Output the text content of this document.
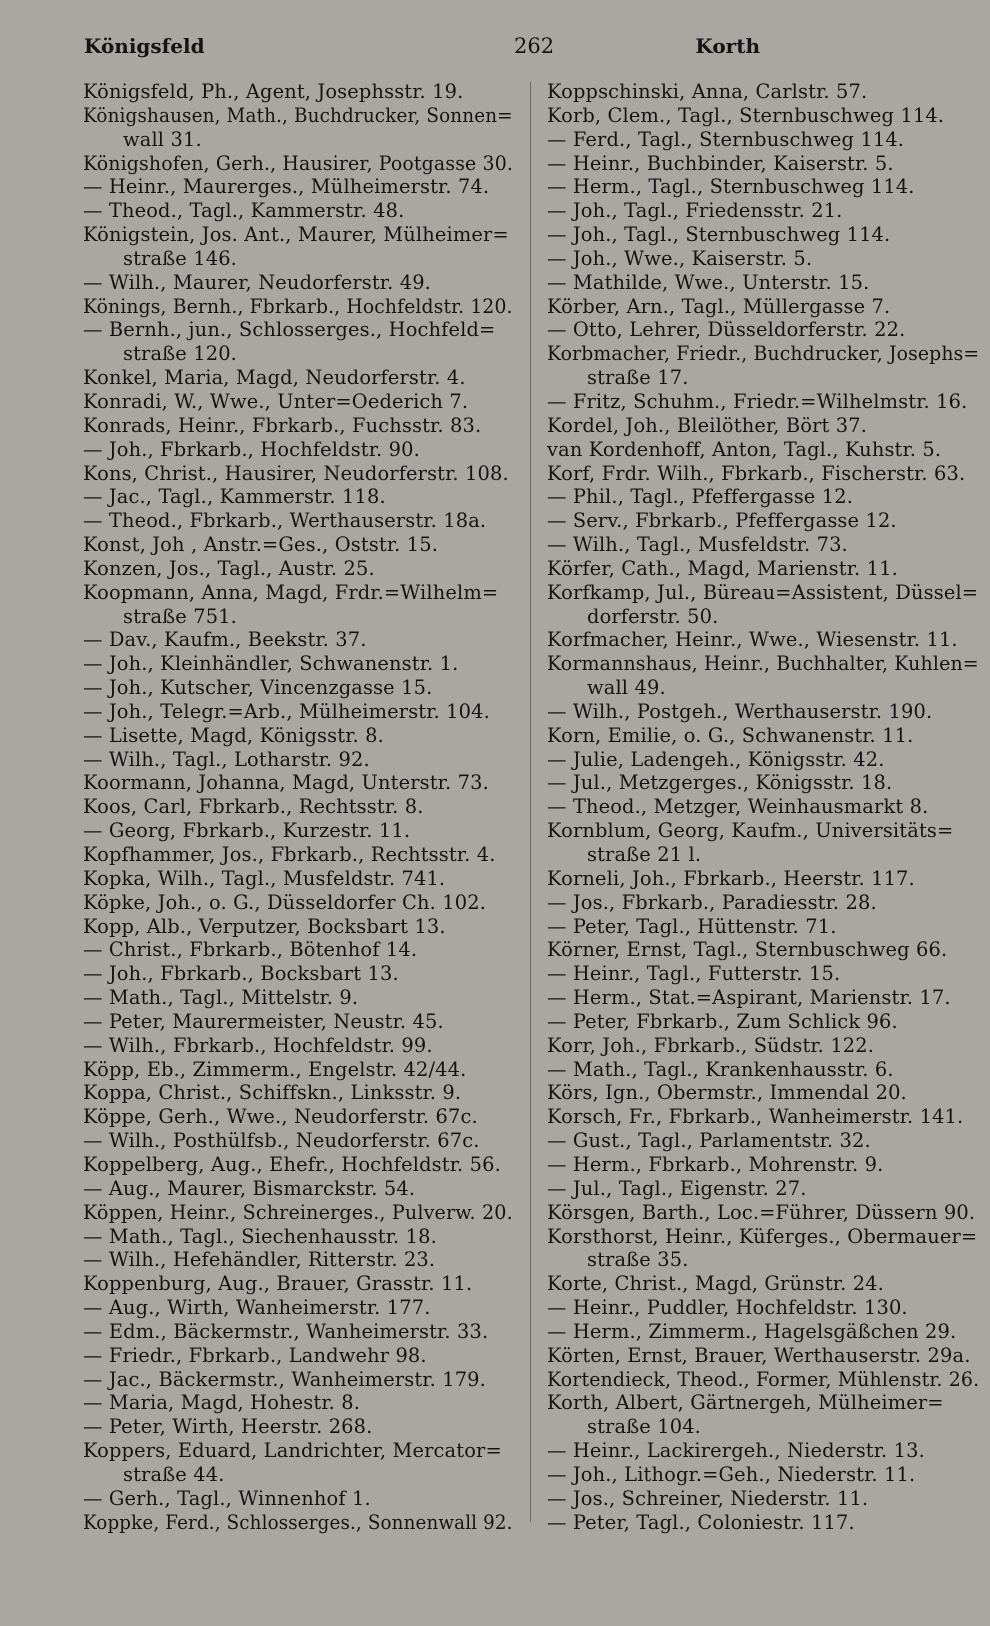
Königsfeld	262	Korth
Königsfeld, Ph., Agent, Josephsstr. 19.
Königshausen, Math., Buchdrucker, Sonnen=
wall 31.
Königshofen, Gerh., Hausirer, Pootgasse 30.
— Heinr., Maurerges., Mülheimerstr. 74.
— Theod., Tagl., Kammerstr. 48.
Königstein, Jos. Ant., Maurer, Mülheimer=
straße 146.
— Wilh., Maurer, Neudorferstr. 49.
Könings, Bernh., Fbrkarb., Hochfeldstr. 120.
— Bernh., jun., Schlosserges., Hochfeld=
straße 120.
Konkel, Maria, Magd, Neudorferstr. 4.
Konradi, W., Wwe., Unter=Oederich 7.
Konrads, Heinr., Fbrkarb., Fuchsstr. 83.
— Joh., Fbrkarb., Hochfeldstr. 90.
Kons, Christ., Hausirer, Neudorferstr. 108.
— Jac., Tagl., Kammerstr. 118.
— Theod., Fbrkarb., Werthauserstr. 18a.
Konst, Joh , Anstr.=Ges., Oststr. 15.
Konzen, Jos., Tagl., Austr. 25.
Koopmann, Anna, Magd, Frdr.=Wilhelm=
straße 751.
— Dav., Kaufm., Beekstr. 37.
— Joh., Kleinhändler, Schwanenstr. 1.
— Joh., Kutscher, Vincenzgasse 15.
— Joh., Telegr.=Arb., Mülheimerstr. 104.
— Lisette, Magd, Königsstr. 8.
— Wilh., Tagl., Lotharstr. 92.
Koormann, Johanna, Magd, Unterstr. 73.
Koos, Carl, Fbrkarb., Rechtsstr. 8.
— Georg, Fbrkarb., Kurzestr. 11.
Kopfhammer, Jos., Fbrkarb., Rechtsstr. 4.
Kopka, Wilh., Tagl., Musfeldstr. 741.
Köpke, Joh., o. G., Düsseldorfer Ch. 102.
Kopp, Alb., Verputzer, Bocksbart 13.
— Christ., Fbrkarb., Bötenhof 14.
— Joh., Fbrkarb., Bocksbart 13.
— Math., Tagl., Mittelstr. 9.
— Peter, Maurermeister, Neustr. 45.
— Wilh., Fbrkarb., Hochfeldstr. 99.
Köpp, Eb., Zimmerm., Engelstr. 42/44.
Koppa, Christ., Schiffskn., Linksstr. 9.
Köppe, Gerh., Wwe., Neudorferstr. 67c.
— Wilh., Posthülfsb., Neudorferstr. 67c.
Koppelberg, Aug., Ehefr., Hochfeldstr. 56.
— Aug., Maurer, Bismarckstr. 54.
Köppen, Heinr., Schreinerges., Pulverw. 20.
— Math., Tagl., Siechenhausstr. 18.
— Wilh., Hefehändler, Ritterstr. 23.
Koppenburg, Aug., Brauer, Grasstr. 11.
— Aug., Wirth, Wanheimerstr. 177.
— Edm., Bäckermstr., Wanheimerstr. 33.
— Friedr., Fbrkarb., Landwehr 98.
— Jac., Bäckermstr., Wanheimerstr. 179.
— Maria, Magd, Hohestr. 8.
— Peter, Wirth, Heerstr. 268.
Koppers, Eduard, Landrichter, Mercator=
straße 44.
— Gerh., Tagl., Winnenhof 1.
Koppke, Ferd., Schlosserges., Sonnenwall 92.
Koppschinski, Anna, Carlstr. 57.
Korb, Clem., Tagl., Sternbuschweg 114.
— Ferd., Tagl., Sternbuschweg 114.
— Heinr., Buchbinder, Kaiserstr. 5.
— Herm., Tagl., Sternbuschweg 114.
— Joh., Tagl., Friedensstr. 21.
— Joh., Tagl., Sternbuschweg 114.
— Joh., Wwe., Kaiserstr. 5.
— Mathilde, Wwe., Unterstr. 15.
Körber, Arn., Tagl., Müllergasse 7.
— Otto, Lehrer, Düsseldorferstr. 22.
Korbmacher, Friedr., Buchdrucker, Josephs=
straße 17.
— Fritz, Schuhm., Friedr.=Wilhelmstr. 16.
Kordel, Joh., Bleilöther, Bört 37.
van Kordenhoff, Anton, Tagl., Kuhstr. 5.
Korf, Frdr. Wilh., Fbrkarb., Fischerstr. 63.
— Phil., Tagl., Pfeffergasse 12.
— Serv., Fbrkarb., Pfeffergasse 12.
— Wilh., Tagl., Musfeldstr. 73.
Körfer, Cath., Magd, Marienstr. 11.
Korfkamp, Jul., Büreau=Assistent, Düssel=
dorferstr. 50.
Korfmacher, Heinr., Wwe., Wiesenstr. 11.
Kormannshaus, Heinr., Buchhalter, Kuhlen=
wall 49.
— Wilh., Postgeh., Werthauserstr. 190.
Korn, Emilie, o. G., Schwanenstr. 11.
— Julie, Ladengeh., Königsstr. 42.
— Jul., Metzgerges., Königsstr. 18.
— Theod., Metzger, Weinhausmarkt 8.
Kornblum, Georg, Kaufm., Universitäts=
straße 21 l.
Korneli, Joh., Fbrkarb., Heerstr. 117.
— Jos., Fbrkarb., Paradiesstr. 28.
— Peter, Tagl., Hüttenstr. 71.
Körner, Ernst, Tagl., Sternbuschweg 66.
— Heinr., Tagl., Futterstr. 15.
— Herm., Stat.=Aspirant, Marienstr. 17.
— Peter, Fbrkarb., Zum Schlick 96.
Korr, Joh., Fbrkarb., Südstr. 122.
— Math., Tagl., Krankenhausstr. 6.
Körs, Ign., Obermstr., Immendal 20.
Korsch, Fr., Fbrkarb., Wanheimerstr. 141.
— Gust., Tagl., Parlamentstr. 32.
— Herm., Fbrkarb., Mohrenstr. 9.
— Jul., Tagl., Eigenstr. 27.
Körsgen, Barth., Loc.=Führer, Düssern 90.
Korsthorst, Heinr., Küferges., Obermauer=
straße 35.
Korte, Christ., Magd, Grünstr. 24.
— Heinr., Puddler, Hochfeldstr. 130.
— Herm., Zimmerm., Hagelsgäßchen 29.
Körten, Ernst, Brauer, Werthauserstr. 29a.
Kortendieck, Theod., Former, Mühlenstr. 26.
Korth, Albert, Gärtnergeh, Mülheimer=
straße 104.
— Heinr., Lackirergeh., Niederstr. 13.
— Joh., Lithogr.=Geh., Niederstr. 11.
— Jos., Schreiner, Niederstr. 11.
— Peter, Tagl., Coloniestr. 117.
